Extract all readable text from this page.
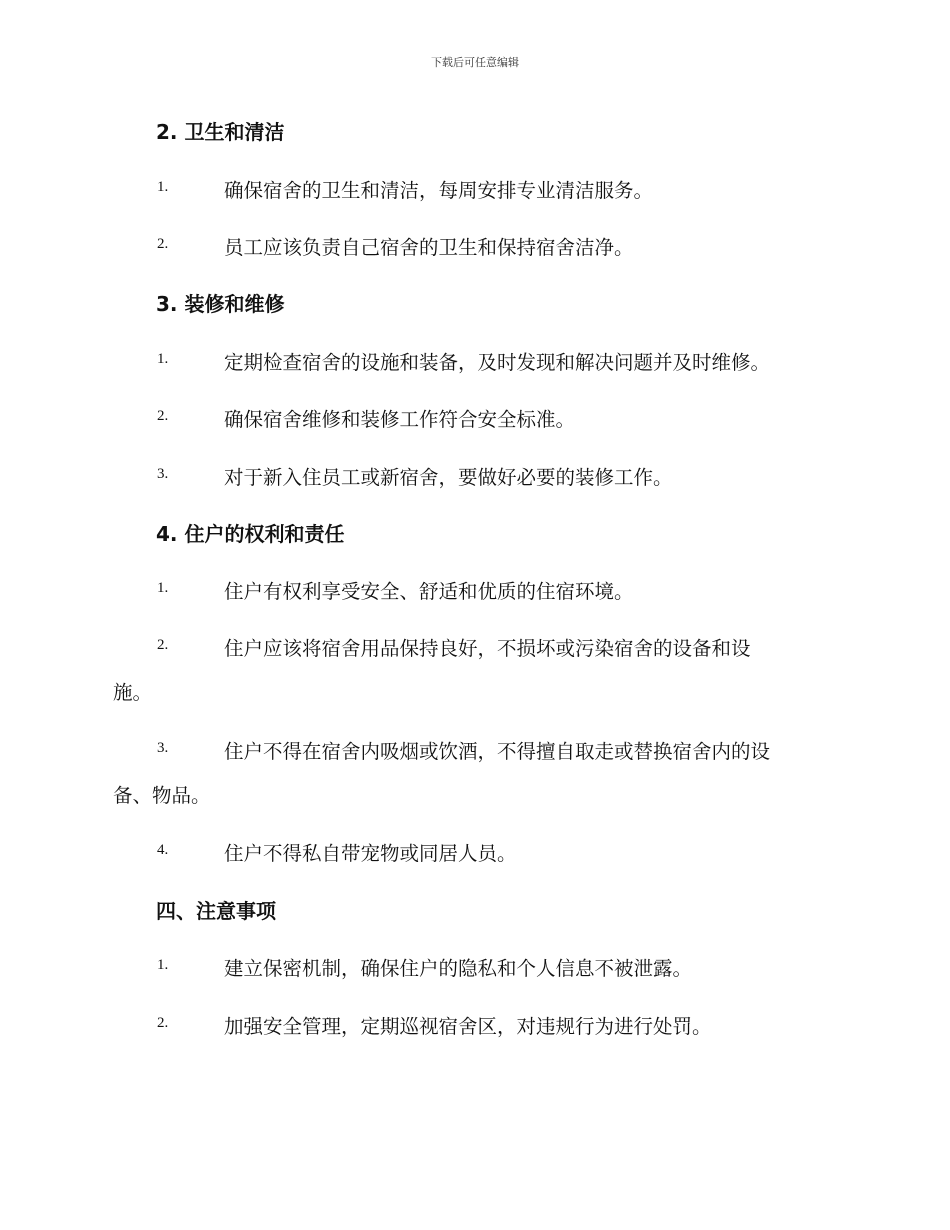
下载后可任意编辑
2. 卫生和清洁
1.	确保宿舍的卫生和清洁，每周安排专业清洁服务。
2.	员工应该负责自己宿舍的卫生和保持宿舍洁净。
3. 装修和维修
1.	定期检查宿舍的设施和装备，及时发现和解决问题并及时维修。
2.	确保宿舍维修和装修工作符合安全标准。
3.	对于新入住员工或新宿舍，要做好必要的装修工作。
4. 住户的权利和责任
1.	住户有权利享受安全、舒适和优质的住宿环境。
2.	住户应该将宿舍用品保持良好，不损坏或污染宿舍的设备和设
施。
3.	住户不得在宿舍内吸烟或饮酒，不得擅自取走或替换宿舍内的设
备、物品。
4.	住户不得私自带宠物或同居人员。
四、注意事项
1.	建立保密机制，确保住户的隐私和个人信息不被泄露。
2.	加强安全管理，定期巡视宿舍区，对违规行为进行处罚。
